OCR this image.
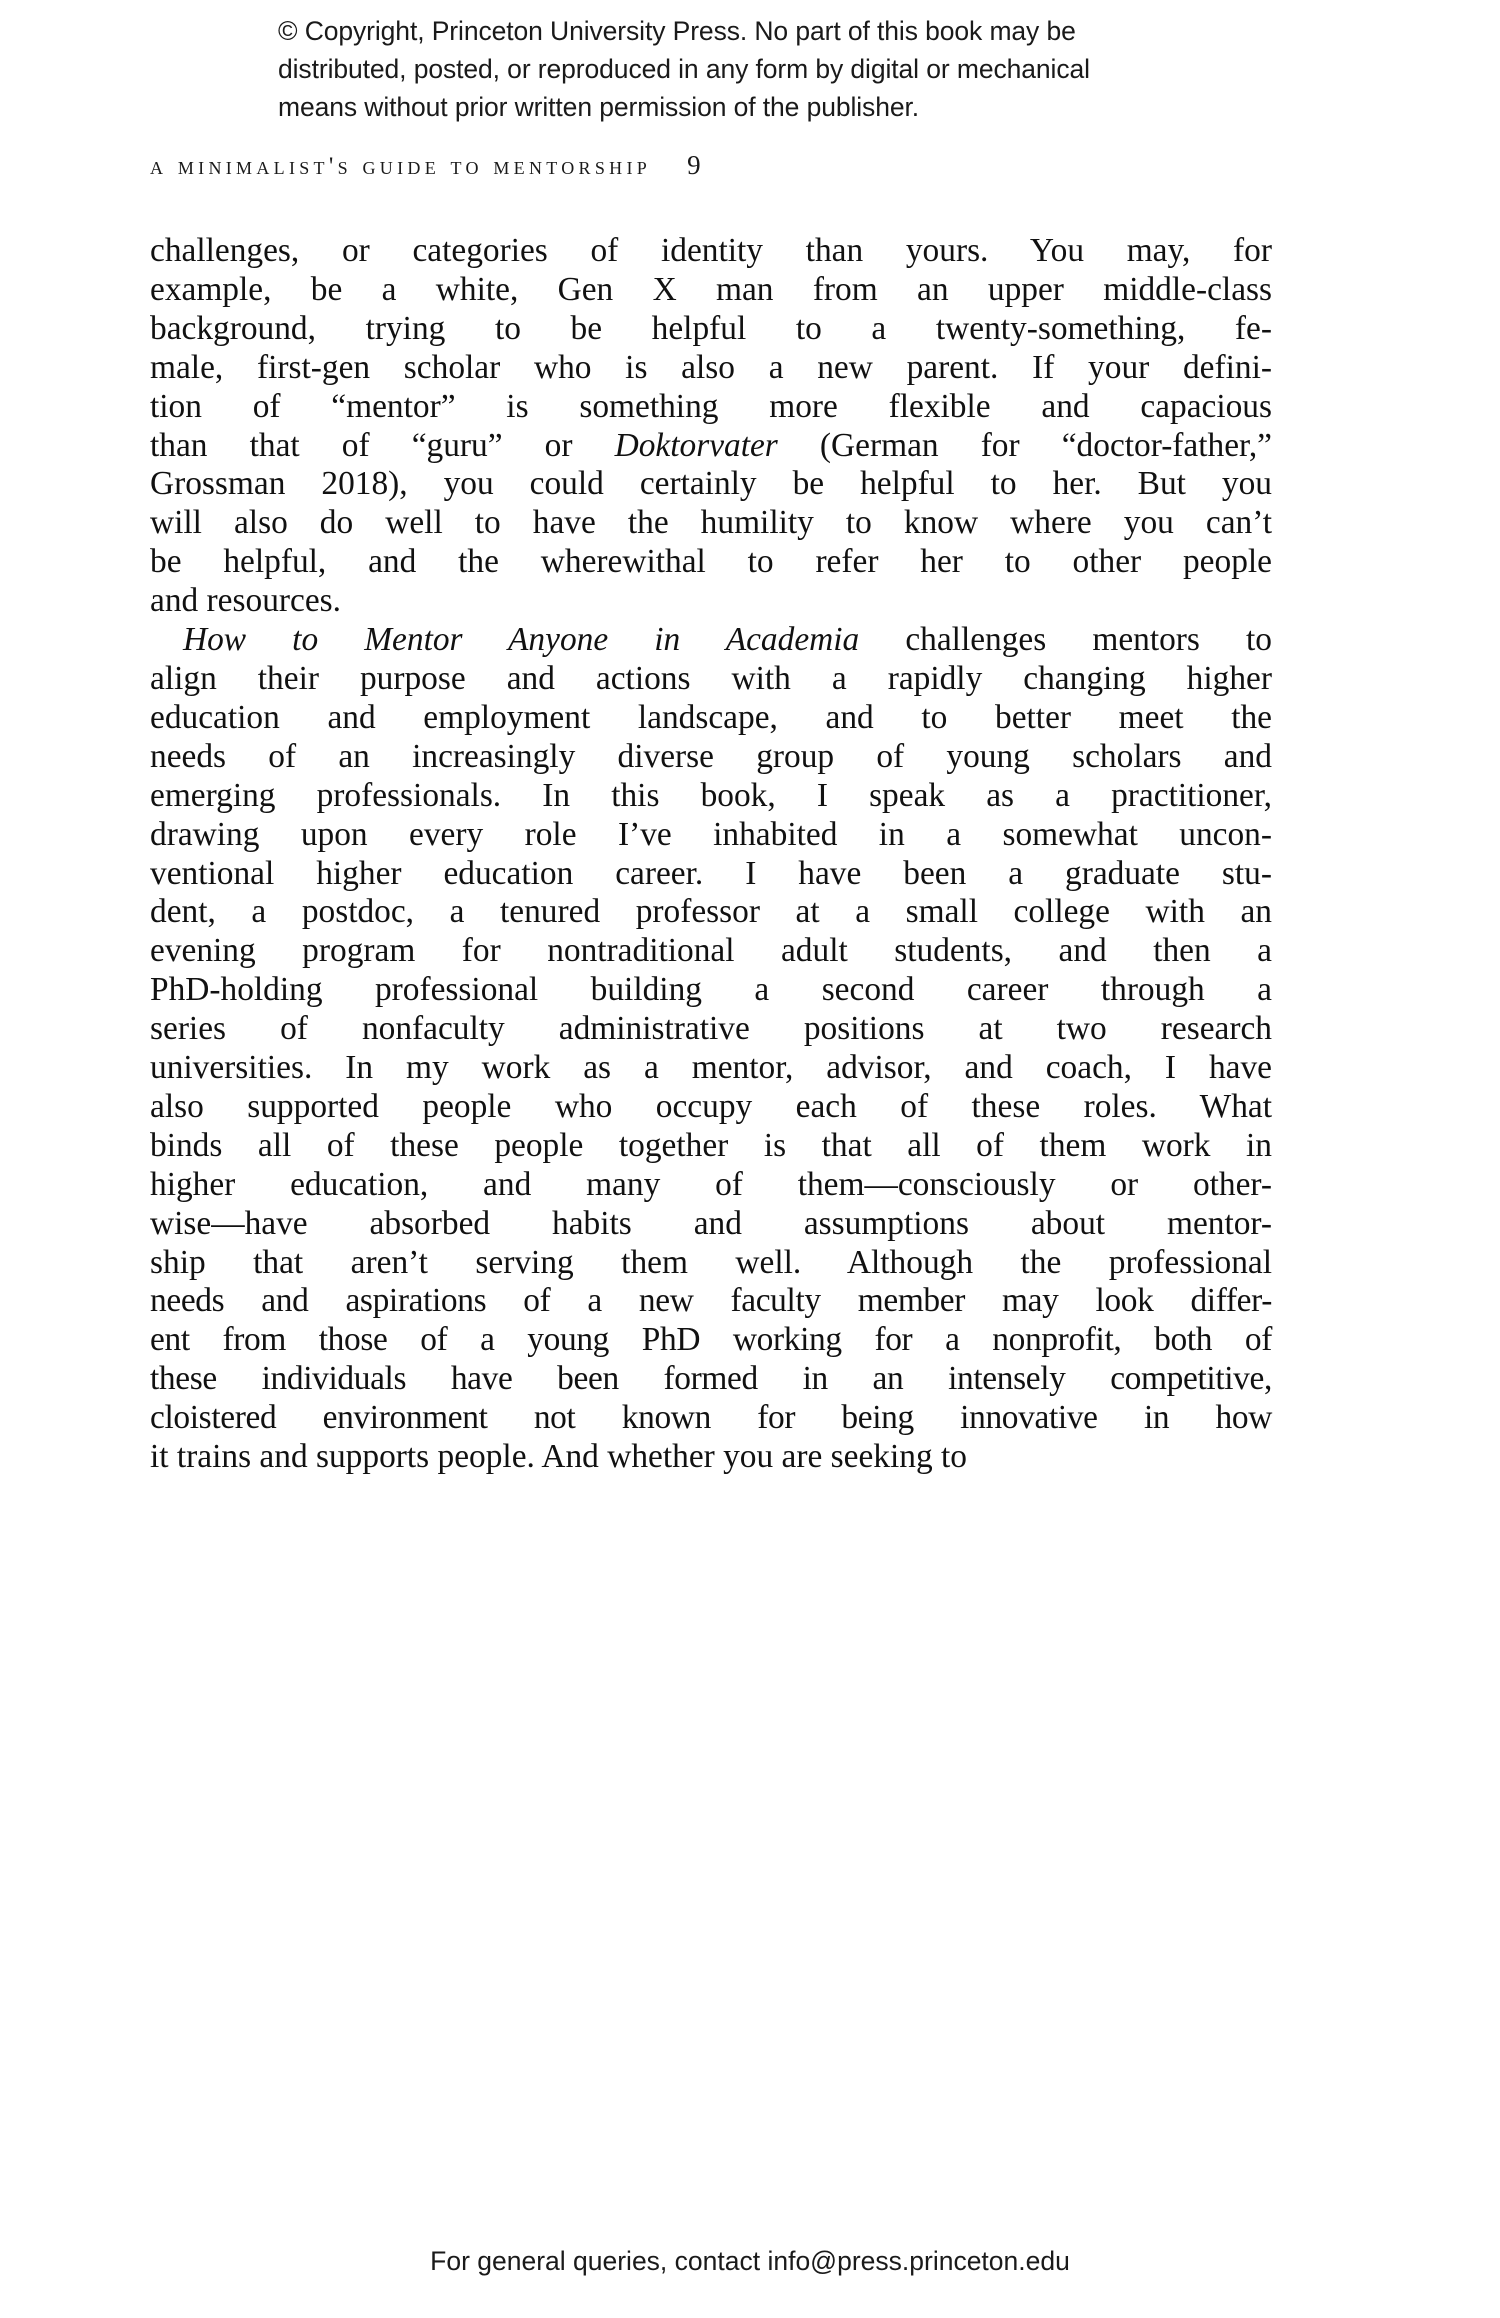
© Copyright, Princeton University Press. No part of this book may be
distributed, posted, or reproduced in any form by digital or mechanical
means without prior written permission of the publisher.
a minimalist's guide to mentorship 9

challenges, or categories of identity than yours. You may, for
example, be a white, Gen X man from an upper middle-class
background, trying to be helpful to a twenty-something, fe-
male, first-gen scholar who is also a new parent. If your defini-
tion of “mentor” is something more flexible and capacious
than that of “guru” or Doktorvater (German for “doctor-father,”
Grossman 2018), you could certainly be helpful to her. But you
will also do well to have the humility to know where you can’t
be helpful, and the wherewithal to refer her to other people
and resources.

How to Mentor Anyone in Academia challenges mentors to
align their purpose and actions with a rapidly changing higher
education and employment landscape, and to better meet the
needs of an increasingly diverse group of young scholars and
emerging professionals. In this book, I speak as a practitioner,
drawing upon every role I’ve inhabited in a somewhat uncon-
ventional higher education career. I have been a graduate stu-
dent, a postdoc, a tenured professor at a small college with an
evening program for nontraditional adult students, and then a
PhD-holding professional building a second career through a
series of nonfaculty administrative positions at two research
universities. In my work as a mentor, advisor, and coach, I have
also supported people who occupy each of these roles. What
binds all of these people together is that all of them work in
higher education, and many of them—consciously or other-
wise—have absorbed habits and assumptions about mentor-
ship that aren’t serving them well. Although the professional
needs and aspirations of a new faculty member may look differ-
ent from those of a young PhD working for a nonprofit, both of
these individuals have been formed in an intensely competitive,
cloistered environment not known for being innovative in how
it trains and supports people. And whether you are seeking to

For general queries, contact info@press.princeton.edu
